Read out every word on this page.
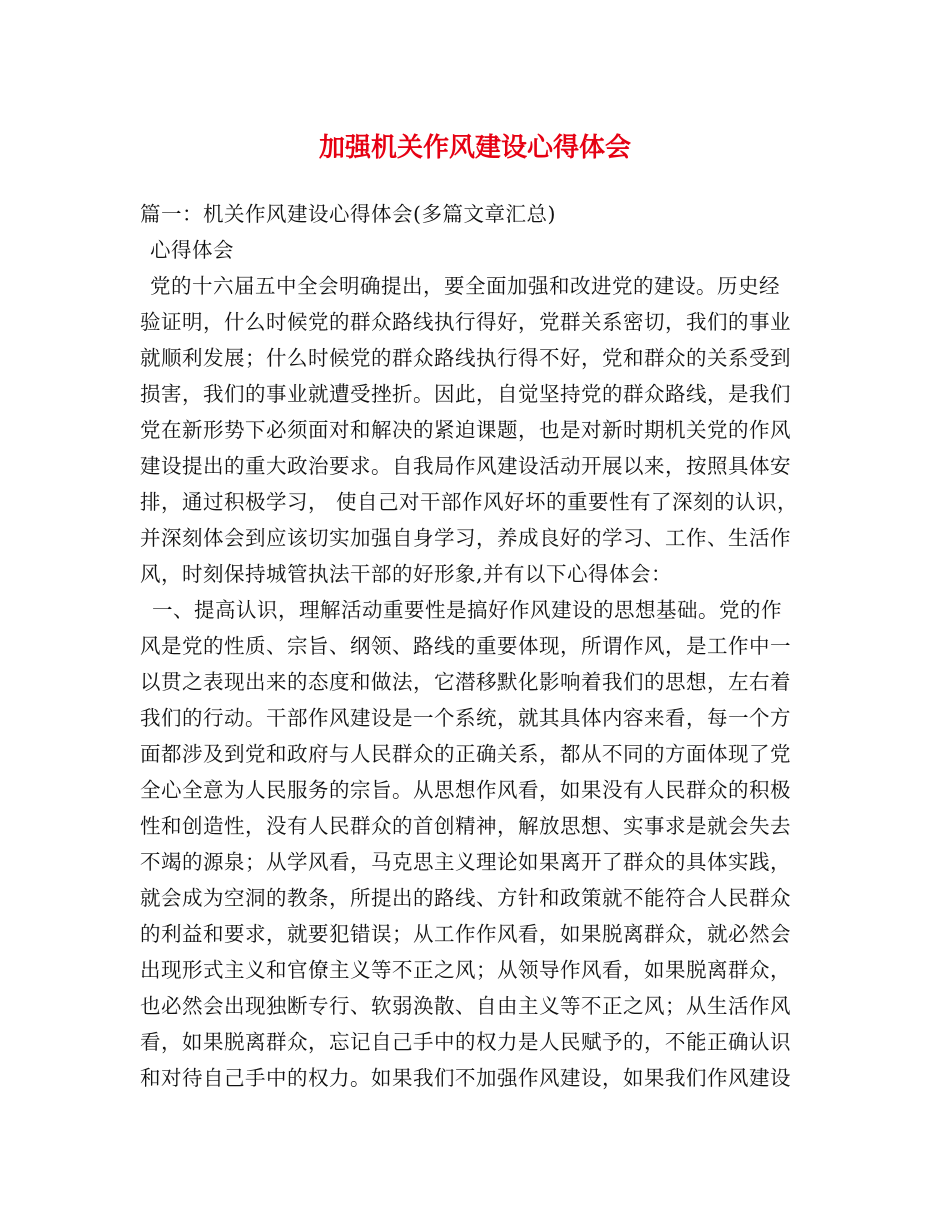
加强机关作风建设心得体会

篇一：机关作风建设心得体会(多篇文章汇总)

心得体会

党的十六届五中全会明确提出，要全面加强和改进党的建设。历史经

验证明，什么时候党的群众路线执行得好，党群关系密切，我们的事业

就顺利发展；什么时候党的群众路线执行得不好，党和群众的关系受到

损害，我们的事业就遭受挫折。因此，自觉坚持党的群众路线，是我们

党在新形势下必须面对和解决的紧迫课题，也是对新时期机关党的作风

建设提出的重大政治要求。自我局作风建设活动开展以来，按照具体安

排，通过积极学习， 使自己对干部作风好坏的重要性有了深刻的认识，

并深刻体会到应该切实加强自身学习，养成良好的学习、工作、生活作

风，时刻保持城管执法干部的好形象,并有以下心得体会：

一、提高认识，理解活动重要性是搞好作风建设的思想基础。党的作

风是党的性质、宗旨、纲领、路线的重要体现，所谓作风，是工作中一

以贯之表现出来的态度和做法，它潜移默化影响着我们的思想，左右着

我们的行动。干部作风建设是一个系统，就其具体内容来看，每一个方

面都涉及到党和政府与人民群众的正确关系，都从不同的方面体现了党

全心全意为人民服务的宗旨。从思想作风看，如果没有人民群众的积极

性和创造性，没有人民群众的首创精神，解放思想、实事求是就会失去

不竭的源泉；从学风看，马克思主义理论如果离开了群众的具体实践，

就会成为空洞的教条，所提出的路线、方针和政策就不能符合人民群众

的利益和要求，就要犯错误；从工作作风看，如果脱离群众，就必然会

出现形式主义和官僚主义等不正之风；从领导作风看，如果脱离群众，

也必然会出现独断专行、软弱涣散、自由主义等不正之风；从生活作风

看，如果脱离群众，忘记自己手中的权力是人民赋予的，不能正确认识

和对待自己手中的权力。如果我们不加强作风建设，如果我们作风建设
